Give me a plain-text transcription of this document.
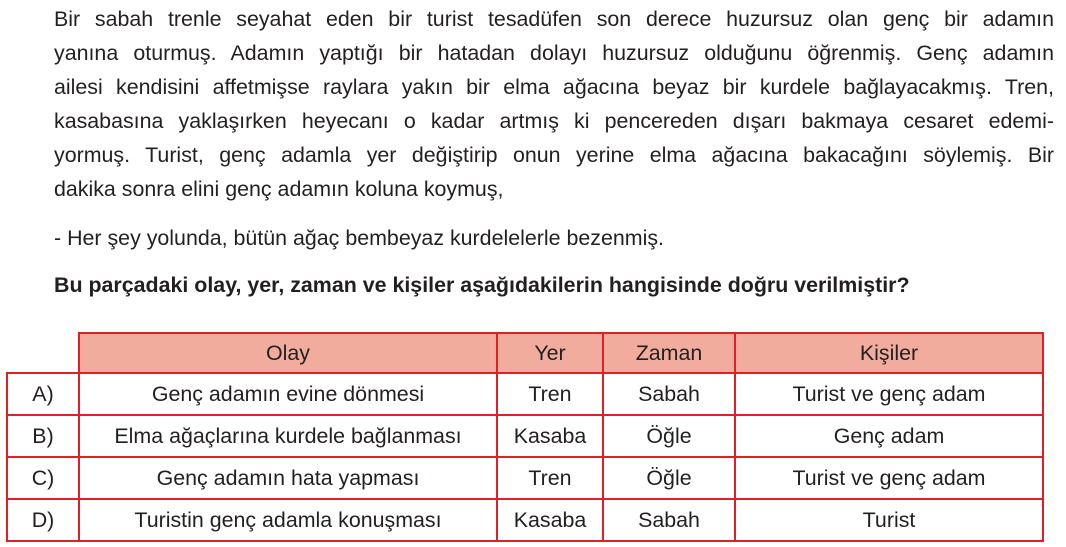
Bir sabah trenle seyahat eden bir turist tesadüfen son derece huzursuz olan genç bir adamın
yanına oturmuş. Adamın yaptığı bir hatadan dolayı huzursuz olduğunu öğrenmiş. Genç adamın
ailesi kendisini affetmişse raylara yakın bir elma ağacına beyaz bir kurdele bağlayacakmış. Tren,
kasabasına yaklaşırken heyecanı o kadar artmış ki pencereden dışarı bakmaya cesaret edemi-
yormuş. Turist, genç adamla yer değiştirip onun yerine elma ağacına bakacağını söylemiş. Bir
dakika sonra elini genç adamın koluna koymuş,

- Her şey yolunda, bütün ağaç bembeyaz kurdelelerle bezenmiş.
Bu parçadaki olay, yer, zaman ve kişiler aşağıdakilerin hangisinde doğru verilmiştir?
	Olay	Yer	Zaman	Kişiler
A)	Genç adamın evine dönmesi	Tren	Sabah	Turist ve genç adam
B)	Elma ağaçlarına kurdele bağlanması	Kasaba	Öğle	Genç adam
C)	Genç adamın hata yapması	Tren	Öğle	Turist ve genç adam
D)	Turistin genç adamla konuşması	Kasaba	Sabah	Turist
